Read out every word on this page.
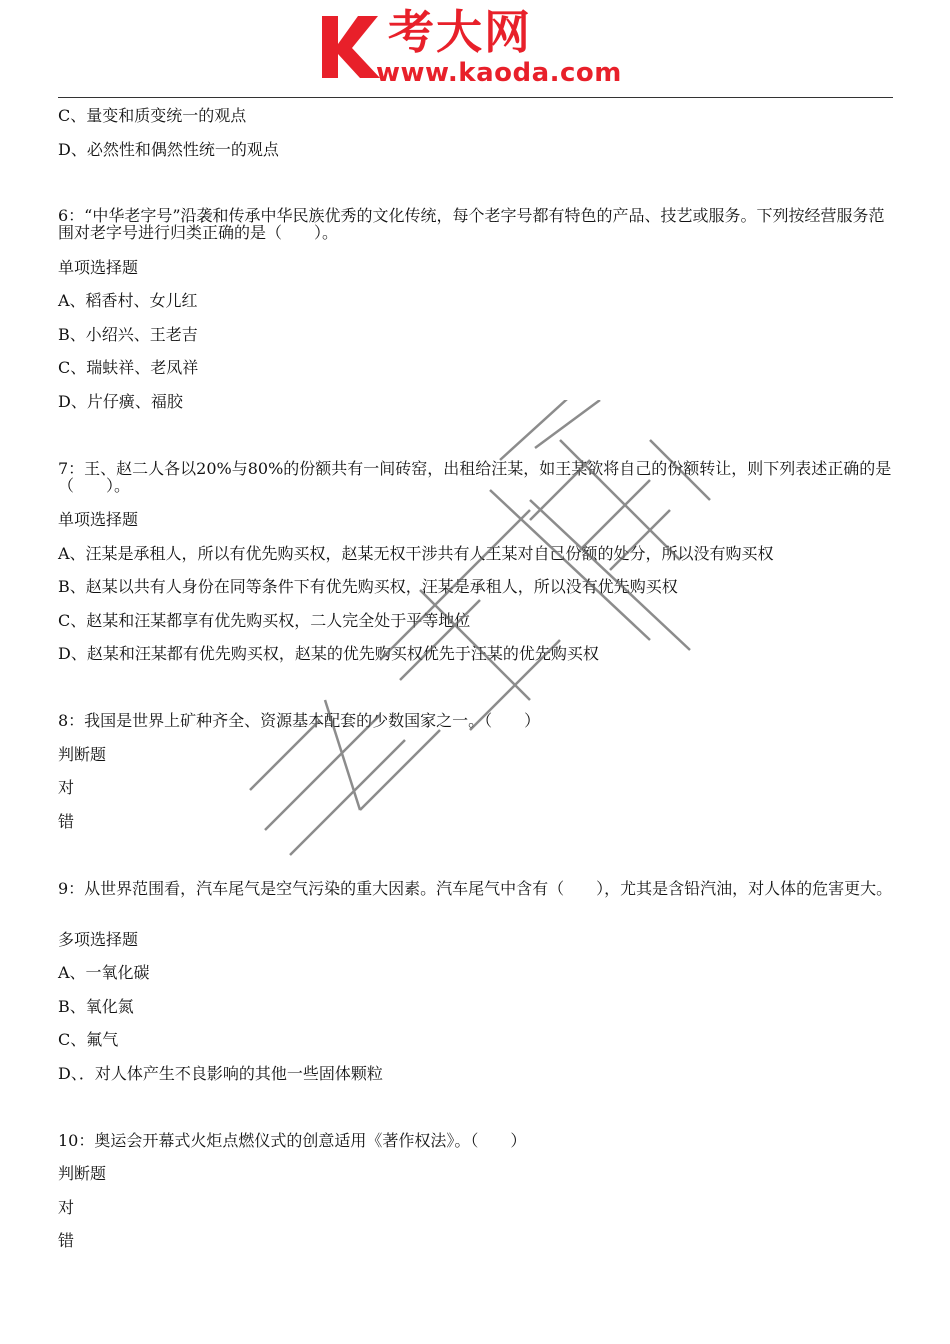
考大网
www.kaoda.com
C、量变和质变统一的观点
D、必然性和偶然性统一的观点
6：“中华老字号”沿袭和传承中华民族优秀的文化传统，每个老字号都有特色的产品、技艺或服务。下列按经营服务范围对老字号进行归类正确的是（　　）。
单项选择题
A、稻香村、女儿红
B、小绍兴、王老吉
C、瑞蚨祥、老凤祥
D、片仔癀、福胶
7：王、赵二人各以20%与80%的份额共有一间砖窑，出租给汪某，如王某欲将自己的份额转让，则下列表述正确的是（　　）。
单项选择题
A、汪某是承租人，所以有优先购买权，赵某无权干涉共有人王某对自己份额的处分，所以没有购买权
B、赵某以共有人身份在同等条件下有优先购买权，汪某是承租人，所以没有优先购买权
C、赵某和汪某都享有优先购买权，二人完全处于平等地位
D、赵某和汪某都有优先购买权，赵某的优先购买权优先于汪某的优先购买权
8：我国是世界上矿种齐全、资源基本配套的少数国家之一。（　　）
判断题
对
错
9：从世界范围看，汽车尾气是空气污染的重大因素。汽车尾气中含有（　　），尤其是含铅汽油，对人体的危害更大。
多项选择题
A、一氧化碳
B、氧化氮
C、氟气
D、．对人体产生不良影响的其他一些固体颗粒
10：奥运会开幕式火炬点燃仪式的创意适用《著作权法》。（　　）
判断题
对
错
